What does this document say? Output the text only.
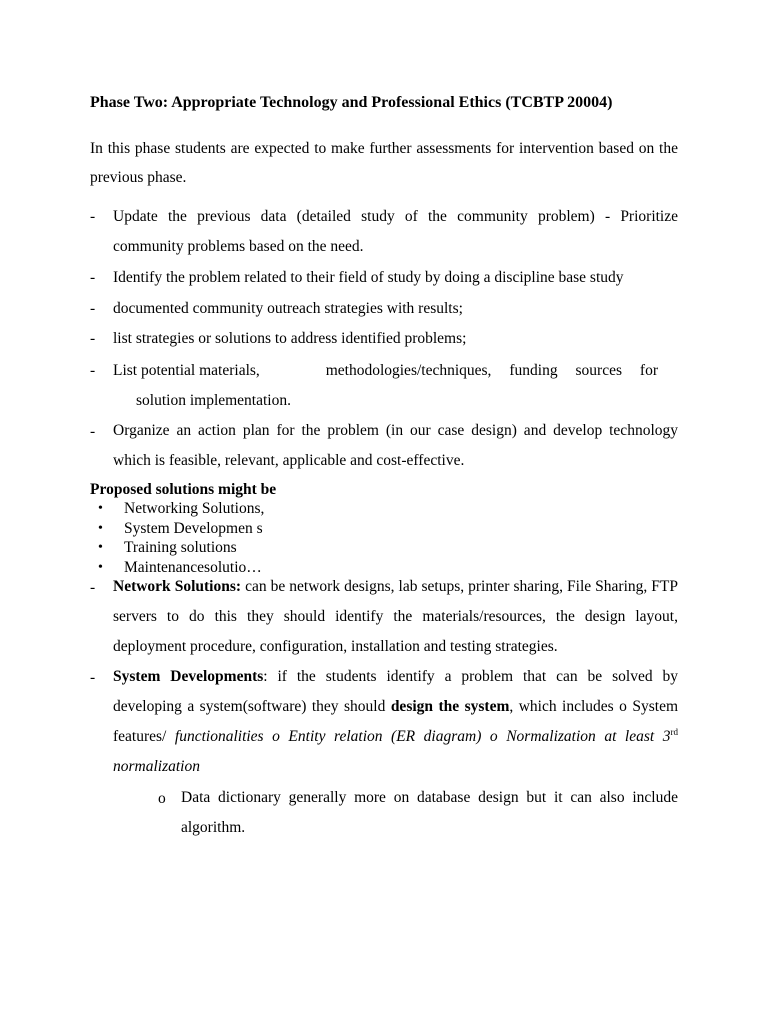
Phase Two: Appropriate Technology and Professional Ethics (TCBTP 20004)
In this phase students are expected to make further assessments for intervention based on the previous phase.
- Update the previous data (detailed study of the community problem) - Prioritize community problems based on the need.
- Identify the problem related to their field of study by doing a discipline base study
- documented community outreach strategies with results;
- list strategies or solutions to address identified problems;
- List potential materials,	methodologies/techniques, funding sources for
solution implementation.
- Organize an action plan for the problem (in our case design) and develop technology which is feasible, relevant, applicable and cost-effective.
Proposed solutions might be
•	Networking Solutions,
•	System Developmen s
•	Training solutions
•	Maintenancesolutio…
- Network Solutions: can be network designs, lab setups, printer sharing, File Sharing, FTP servers to do this they should identify the materials/resources, the design layout, deployment procedure, configuration, installation and testing strategies.
- System Developments: if the students identify a problem that can be solved by developing a system(software) they should design the system, which includes o System features/ functionalities o Entity relation (ER diagram) o Normalization at least 3rd normalization
o Data dictionary generally more on database design but it can also include algorithm.
